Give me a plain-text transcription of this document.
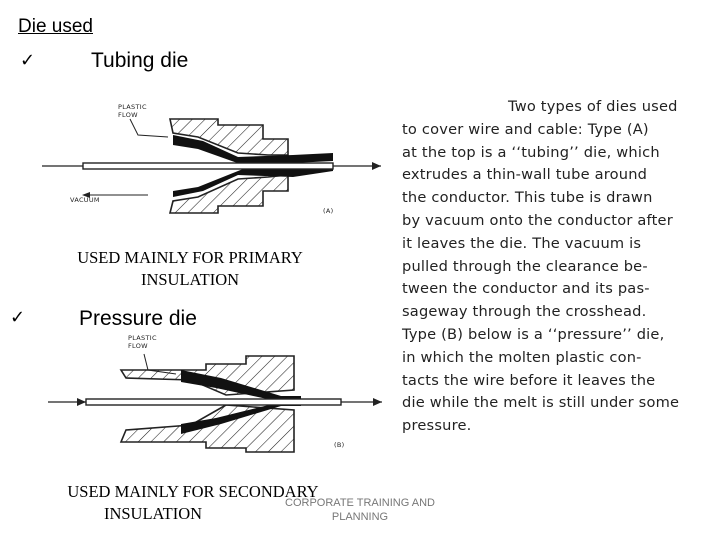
Die used
✓	Tubing die
PLASTIC
FLOW
VACUUM
(A)
USED MAINLY FOR PRIMARY
INSULATION
✓	Pressure die
PLASTIC
FLOW
(B)
USED MAINLY FOR SECONDARY
INSULATION
Two types of dies used
to cover wire and cable: Type (A)
at the top is a ‘‘tubing’’ die, which
extrudes a thin-wall tube around
the conductor. This tube is drawn
by vacuum onto the conductor after
it leaves the die. The vacuum is
pulled through the clearance be-
tween the conductor and its pas-
sageway through the crosshead.
Type (B) below is a ‘‘pressure’’ die,
in which the molten plastic con-
tacts the wire before it leaves the
die while the melt is still under some
pressure.
CORPORATE TRAINING AND
PLANNING
